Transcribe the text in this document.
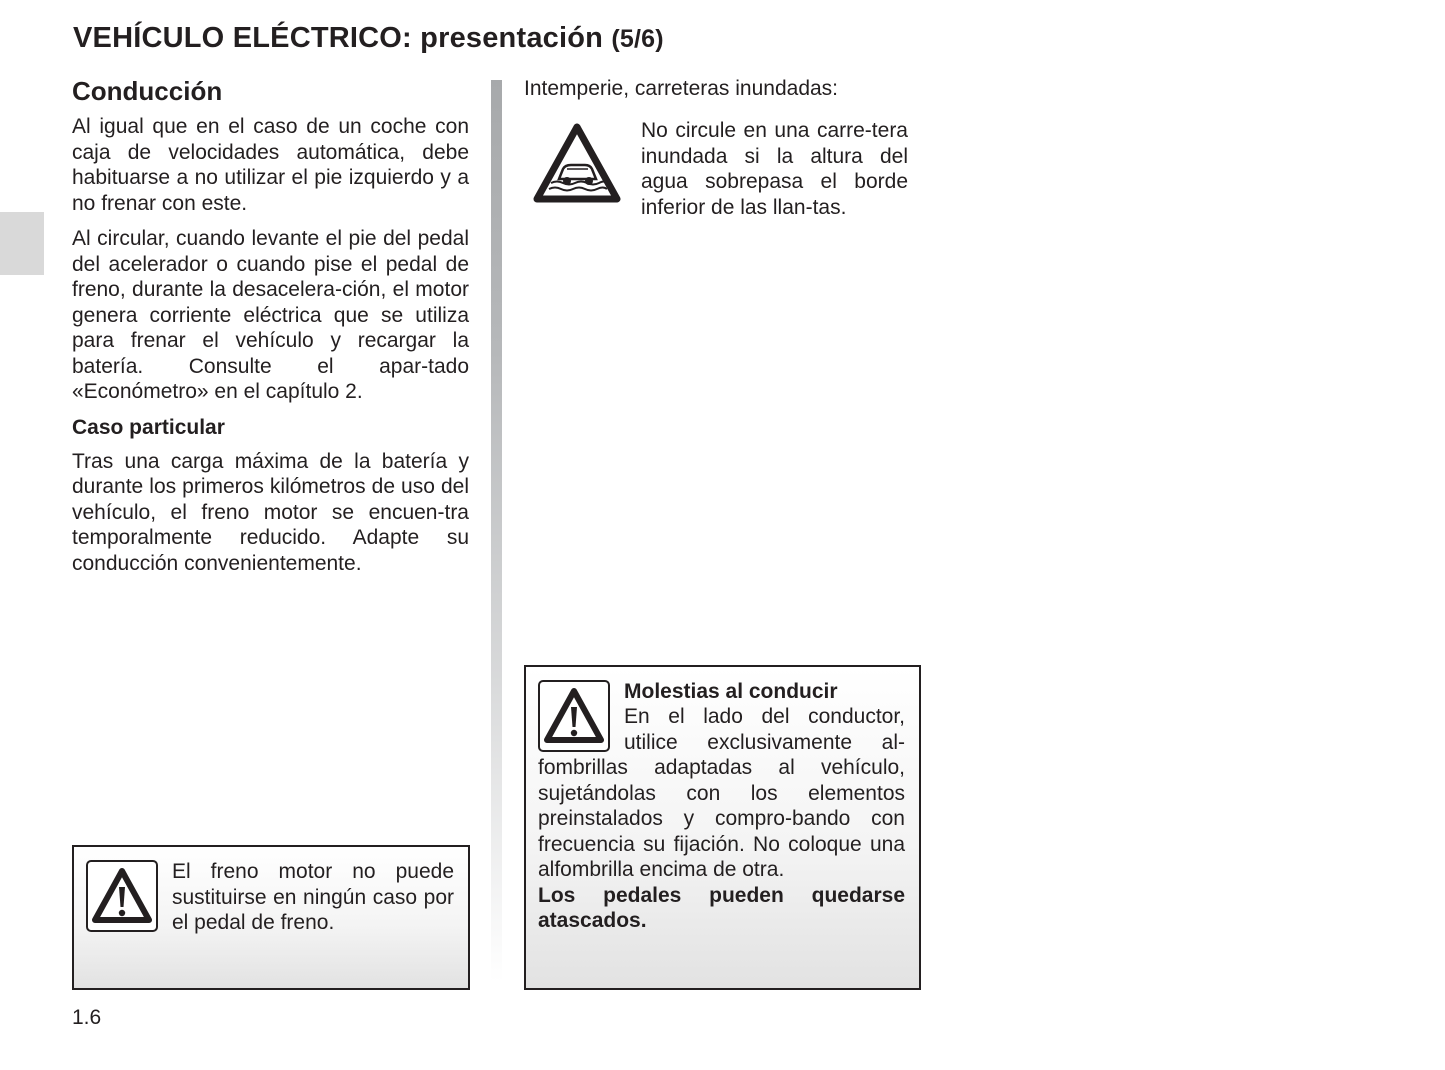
VEHÍCULO ELÉCTRICO: presentación (5/6)
Conducción

Al igual que en el caso de un coche con caja de velocidades automática, debe habituarse a no utilizar el pie izquierdo y a no frenar con este.

Al circular, cuando levante el pie del pedal del acelerador o cuando pise el pedal de freno, durante la desacelera-ción, el motor genera corriente eléctrica que se utiliza para frenar el vehículo y recargar la batería. Consulte el apar-tado «Económetro» en el capítulo 2.

Caso particular

Tras una carga máxima de la batería y durante los primeros kilómetros de uso del vehículo, el freno motor se encuen-tra temporalmente reducido. Adapte su conducción convenientemente.

El freno motor no puede sustituirse en ningún caso por el pedal de freno.

Intemperie, carreteras inundadas:

No circule en una carre-tera inundada si la altura del agua sobrepasa el borde inferior de las llan-tas.

Molestias al conducir
En el lado del conductor, utilice exclusivamente al-fombrillas adaptadas al vehículo, sujetándolas con los elementos preinstalados y compro-bando con frecuencia su fijación. No coloque una alfombrilla encima de otra.
Los pedales pueden quedarse atascados.
1.6
